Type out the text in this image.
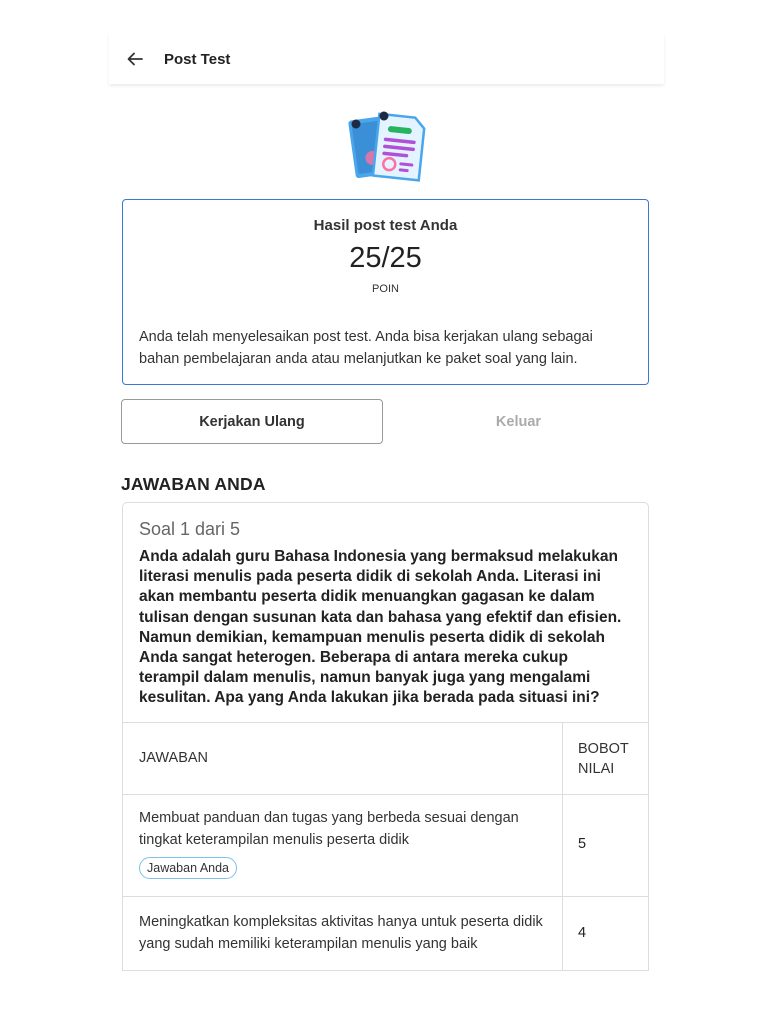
Post Test
Hasil post test Anda
25/25
POIN
Anda telah menyelesaikan post test. Anda bisa kerjakan ulang sebagai bahan pembelajaran anda atau melanjutkan ke paket soal yang lain.
Kerjakan Ulang	Keluar
JAWABAN ANDA
Soal 1 dari 5
Anda adalah guru Bahasa Indonesia yang bermaksud melakukan literasi menulis pada peserta didik di sekolah Anda. Literasi ini akan membantu peserta didik menuangkan gagasan ke dalam tulisan dengan susunan kata dan bahasa yang efektif dan efisien. Namun demikian, kemampuan menulis peserta didik di sekolah Anda sangat heterogen. Beberapa di antara mereka cukup terampil dalam menulis, namun banyak juga yang mengalami kesulitan. Apa yang Anda lakukan jika berada pada situasi ini?
JAWABAN
BOBOT NILAI
Membuat panduan dan tugas yang berbeda sesuai dengan tingkat keterampilan menulis peserta didik
Jawaban Anda
5
Meningkatkan kompleksitas aktivitas hanya untuk peserta didik yang sudah memiliki keterampilan menulis yang baik
4
